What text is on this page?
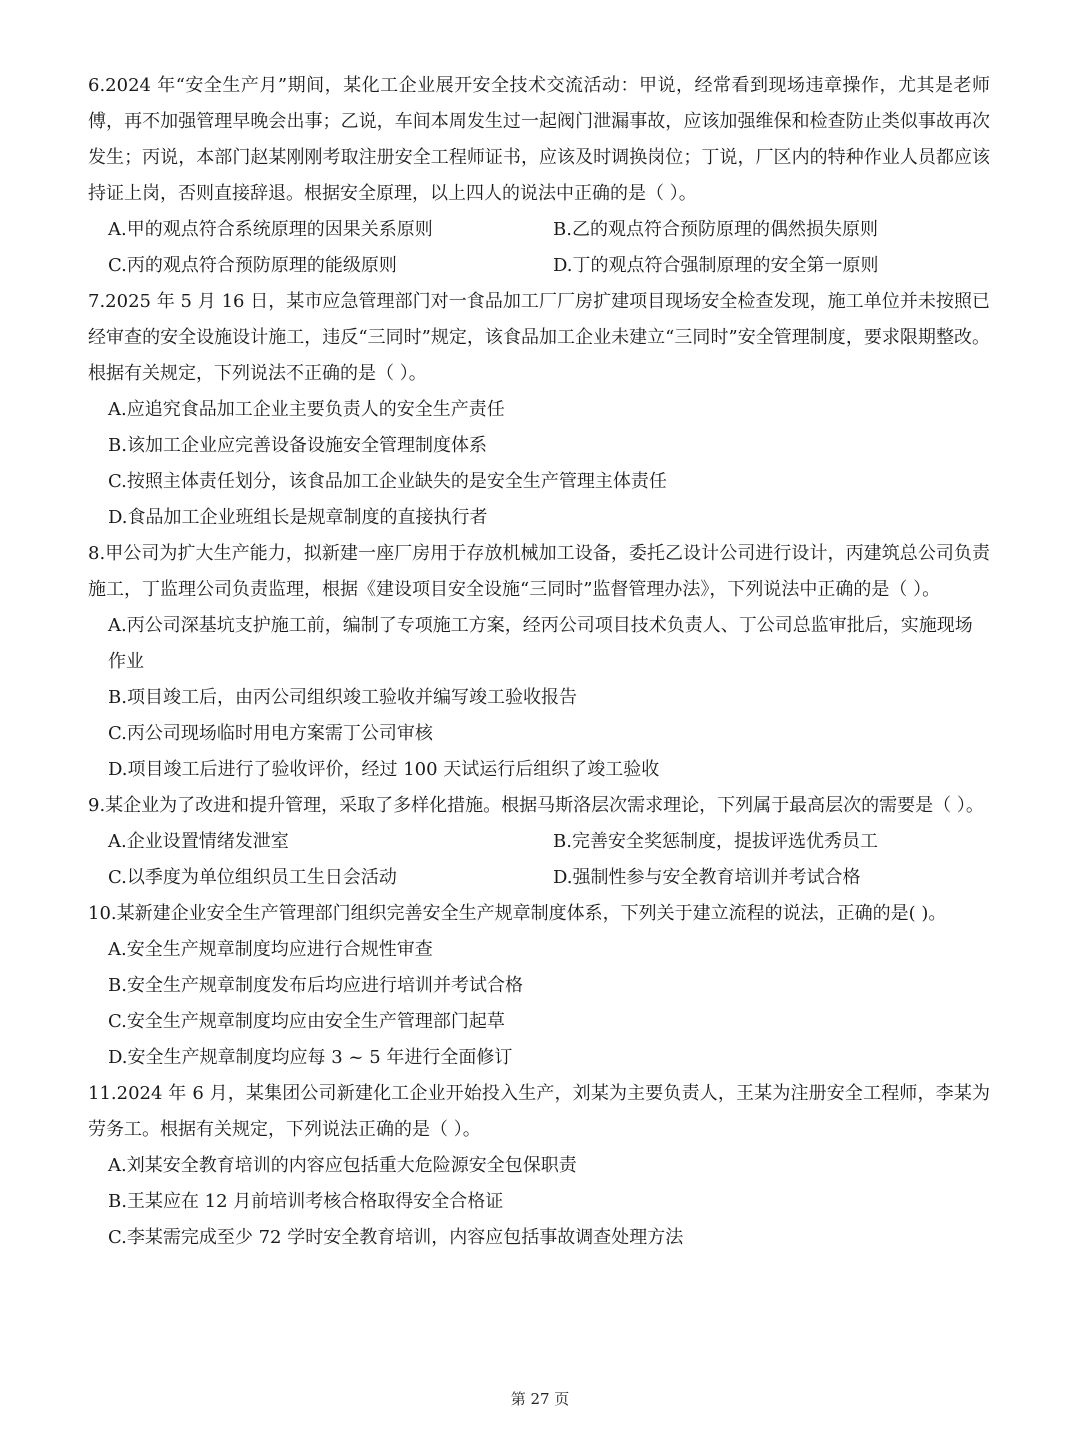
6.2024 年“安全生产月”期间，某化工企业展开安全技术交流活动：甲说，经常看到现场违章操作，尤其是老师傅，再不加强管理早晚会出事；乙说，车间本周发生过一起阀门泄漏事故，应该加强维保和检查防止类似事故再次发生；丙说，本部门赵某刚刚考取注册安全工程师证书，应该及时调换岗位；丁说，厂区内的特种作业人员都应该持证上岗，否则直接辞退。根据安全原理，以上四人的说法中正确的是（ ）。

A.甲的观点符合系统原理的因果关系原则	B.乙的观点符合预防原理的偶然损失原则
C.丙的观点符合预防原理的能级原则	D.丁的观点符合强制原理的安全第一原则

7.2025 年 5 月 16 日，某市应急管理部门对一食品加工厂厂房扩建项目现场安全检查发现，施工单位并未按照已经审查的安全设施设计施工，违反“三同时”规定，该食品加工企业未建立“三同时”安全管理制度，要求限期整改。根据有关规定，下列说法不正确的是（ ）。

A.应追究食品加工企业主要负责人的安全生产责任

B.该加工企业应完善设备设施安全管理制度体系

C.按照主体责任划分，该食品加工企业缺失的是安全生产管理主体责任

D.食品加工企业班组长是规章制度的直接执行者

8.甲公司为扩大生产能力，拟新建一座厂房用于存放机械加工设备，委托乙设计公司进行设计，丙建筑总公司负责施工，丁监理公司负责监理，根据《建设项目安全设施“三同时”监督管理办法》，下列说法中正确的是（ ）。

A.丙公司深基坑支护施工前，编制了专项施工方案，经丙公司项目技术负责人、丁公司总监审批后，实施现场作业

B.项目竣工后，由丙公司组织竣工验收并编写竣工验收报告

C.丙公司现场临时用电方案需丁公司审核

D.项目竣工后进行了验收评价，经过 100 天试运行后组织了竣工验收

9.某企业为了改进和提升管理，采取了多样化措施。根据马斯洛层次需求理论，下列属于最高层次的需要是（ ）。

A.企业设置情绪发泄室	B.完善安全奖惩制度，提拔评选优秀员工
C.以季度为单位组织员工生日会活动	D.强制性参与安全教育培训并考试合格

10.某新建企业安全生产管理部门组织完善安全生产规章制度体系，下列关于建立流程的说法，正确的是( )。

A.安全生产规章制度均应进行合规性审查

B.安全生产规章制度发布后均应进行培训并考试合格

C.安全生产规章制度均应由安全生产管理部门起草

D.安全生产规章制度均应每 3 ~ 5 年进行全面修订

11.2024 年 6 月，某集团公司新建化工企业开始投入生产，刘某为主要负责人，王某为注册安全工程师，李某为劳务工。根据有关规定，下列说法正确的是（ ）。

A.刘某安全教育培训的内容应包括重大危险源安全包保职责

B.王某应在 12 月前培训考核合格取得安全合格证

C.李某需完成至少 72 学时安全教育培训，内容应包括事故调查处理方法

第 27 页
